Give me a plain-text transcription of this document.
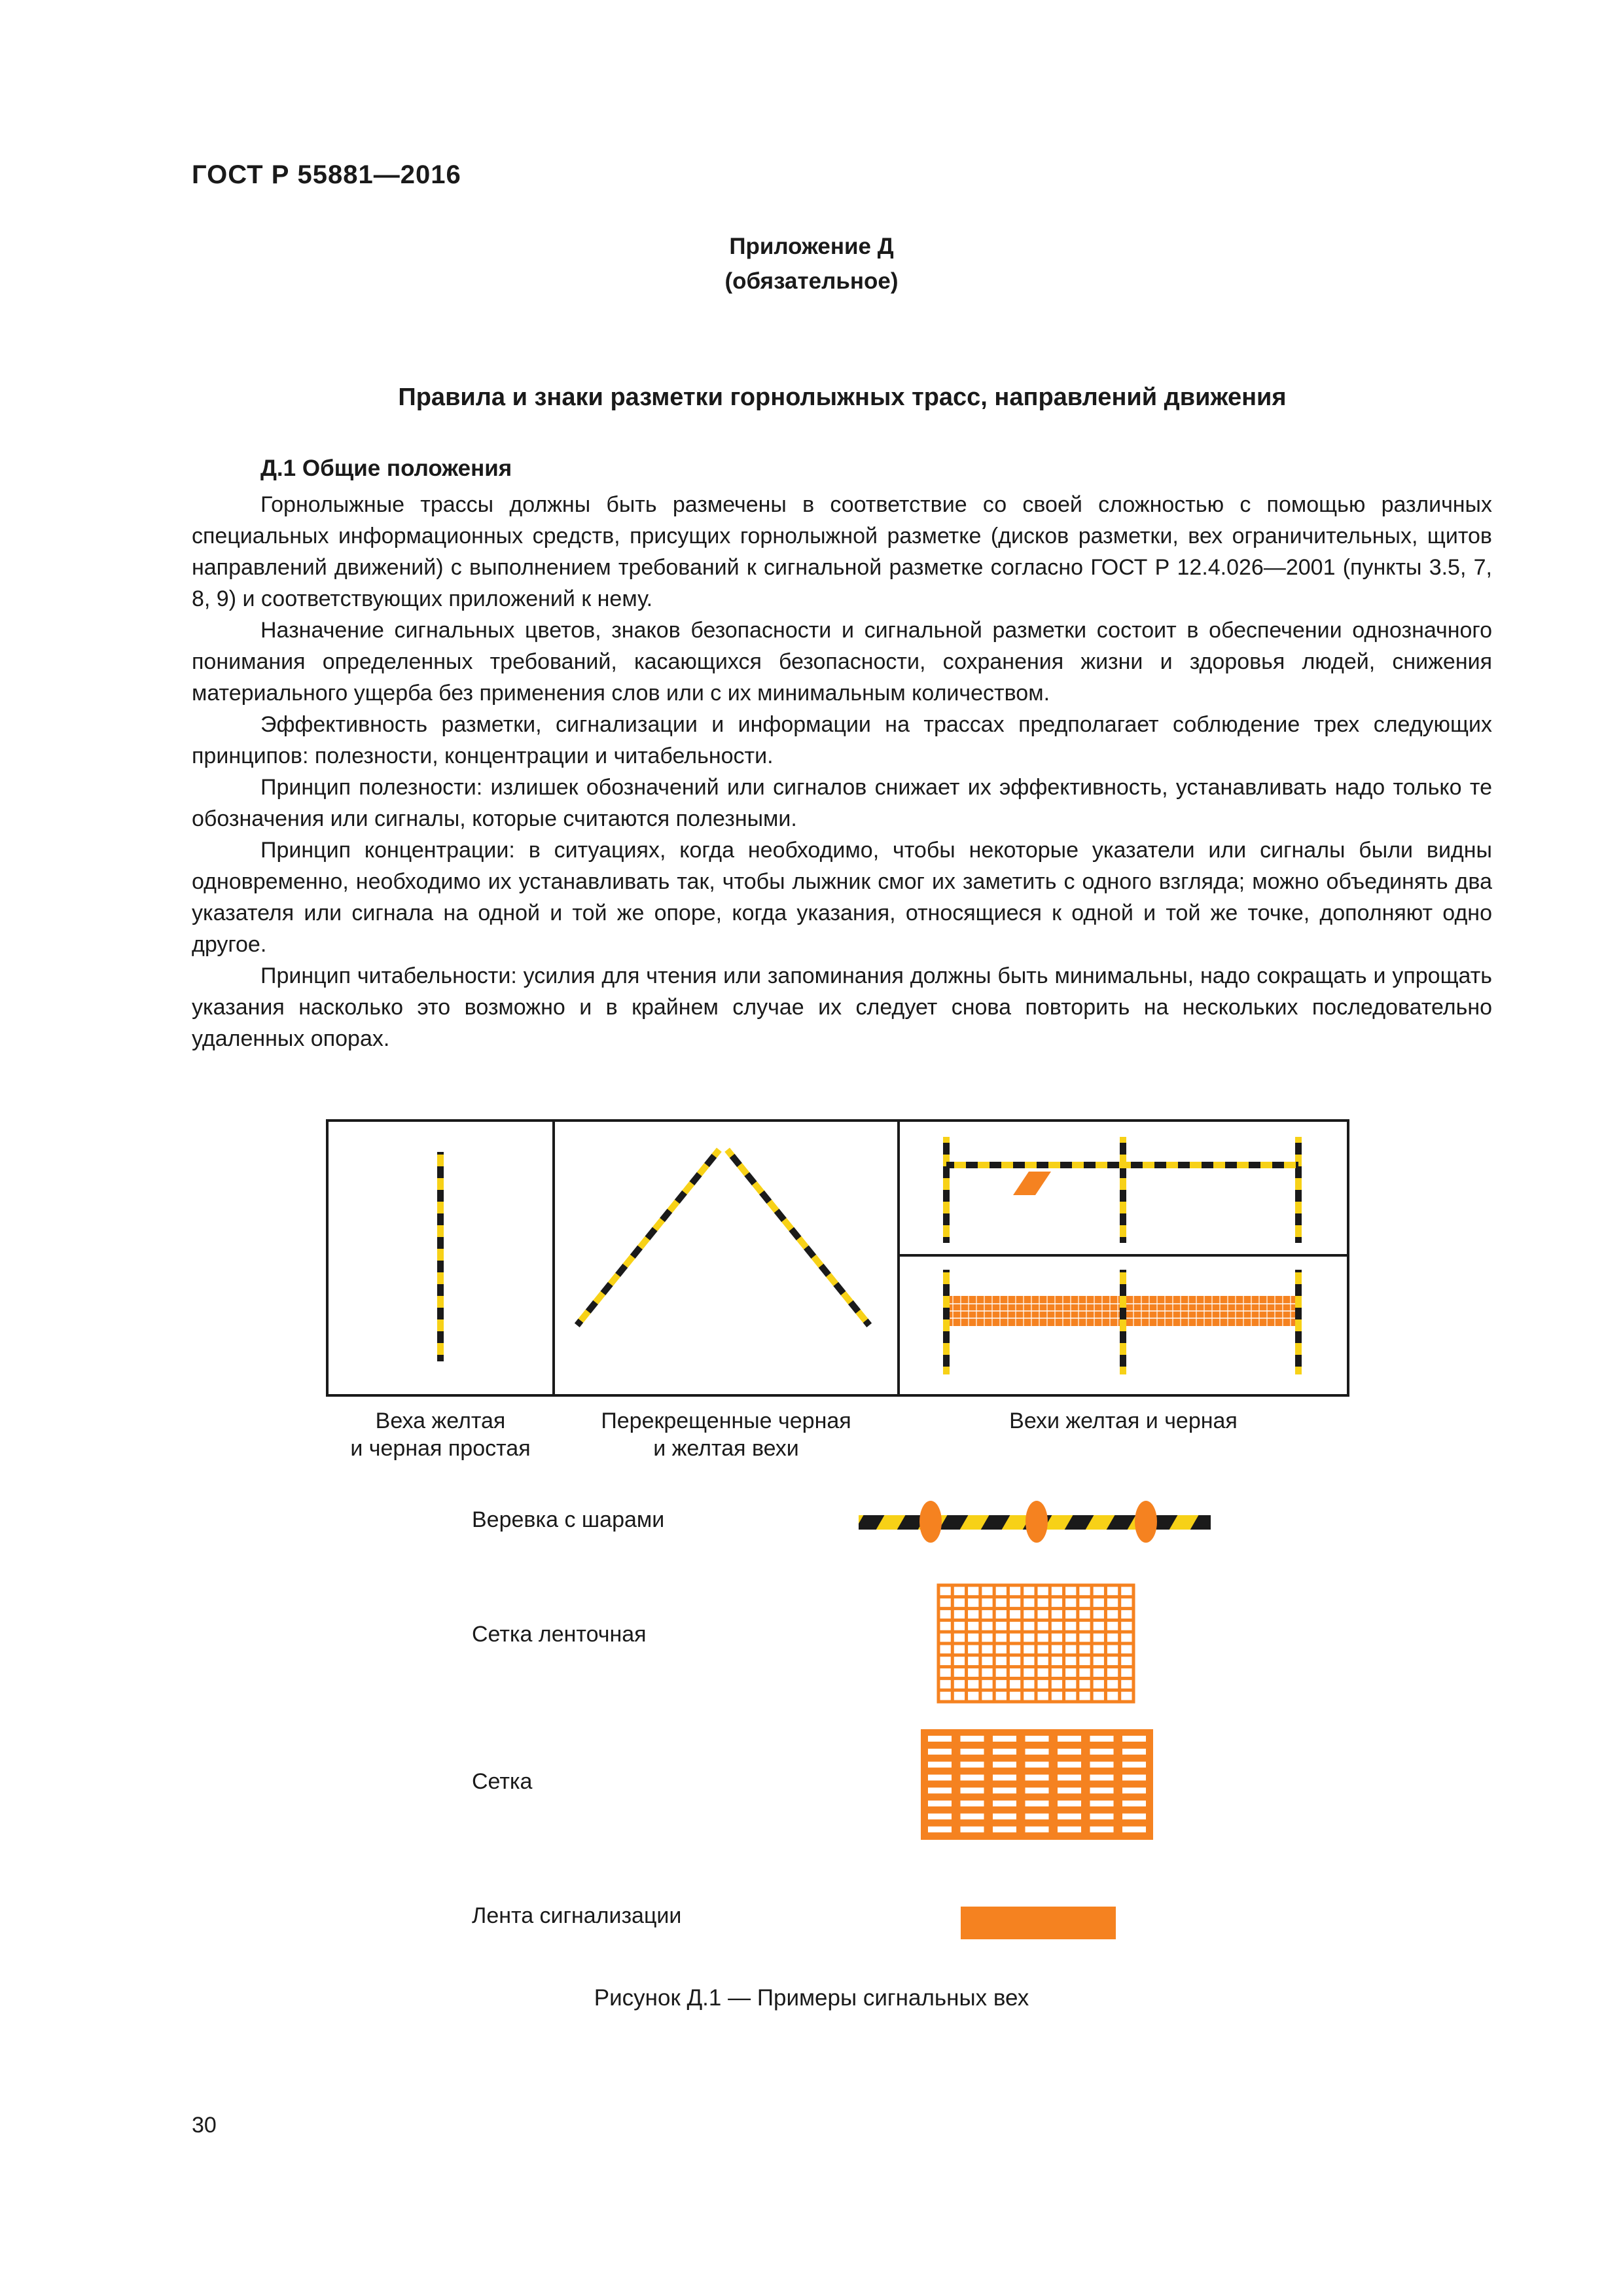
ГОСТ Р 55881—2016
Приложение Д
(обязательное)
Правила и знаки разметки горнолыжных трасс, направлений движения
Д.1 Общие положения

Горнолыжные трассы должны быть размечены в соответствие со своей сложностью с помощью различных специальных информационных средств, присущих горнолыжной разметке (дисков разметки, вех ограничительных, щитов направлений движений) с выполнением требований к сигнальной разметке согласно ГОСТ Р 12.4.026—2001 (пункты 3.5, 7, 8, 9) и соответствующих приложений к нему.

Назначение сигнальных цветов, знаков безопасности и сигнальной разметки состоит в обеспечении однозначного понимания определенных требований, касающихся безопасности, сохранения жизни и здоровья людей, снижения материального ущерба без применения слов или с их минимальным количеством.

Эффективность разметки, сигнализации и информации на трассах предполагает соблюдение трех следующих принципов: полезности, концентрации и читабельности.

Принцип полезности: излишек обозначений или сигналов снижает их эффективность, устанавливать надо только те обозначения или сигналы, которые считаются полезными.

Принцип концентрации: в ситуациях, когда необходимо, чтобы некоторые указатели или сигналы были видны одновременно, необходимо их устанавливать так, чтобы лыжник смог их заметить с одного взгляда; можно объединять два указателя или сигнала на одной и той же опоре, когда указания, относящиеся к одной и той же точке, дополняют одно другое.

Принцип читабельности: усилия для чтения или запоминания должны быть минимальны, надо сокращать и упрощать указания насколько это возможно и в крайнем случае их следует снова повторить на нескольких последовательно удаленных опорах.

Веха желтая
и черная простая
Перекрещенные черная
и желтая вехи
Вехи желтая и черная
Веревка с шарами
Сетка ленточная
Сетка
Лента сигнализации
Рисунок Д.1 — Примеры сигнальных вех
30
